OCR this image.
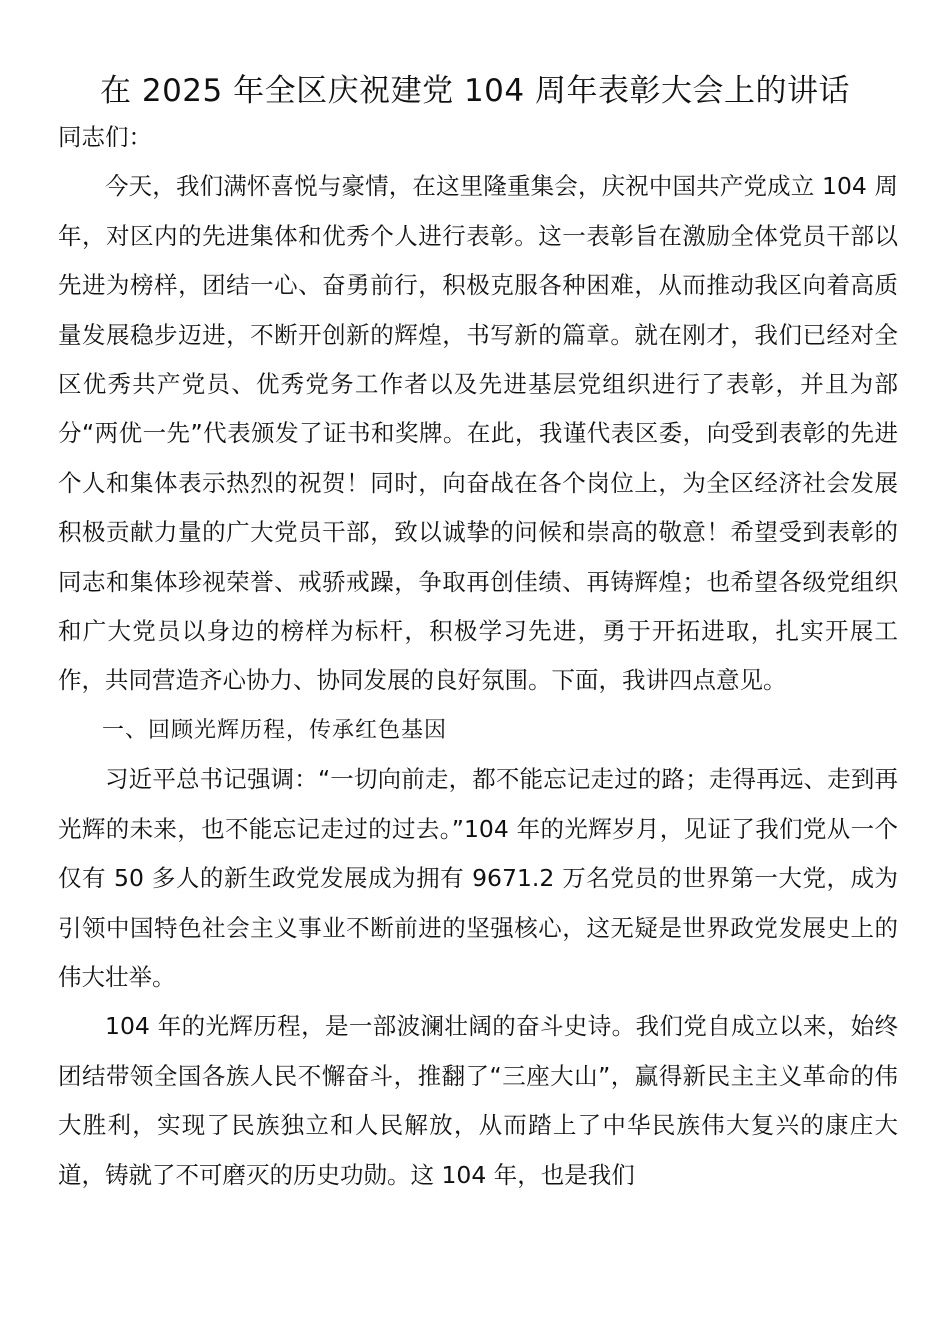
在 2025 年全区庆祝建党 104 周年表彰大会上的讲话

同志们：

今天，我们满怀喜悦与豪情，在这里隆重集会，庆祝中国共产党成立 104 周年，对区内的先进集体和优秀个人进行表彰。这一表彰旨在激励全体党员干部以先进为榜样，团结一心、奋勇前行，积极克服各种困难，从而推动我区向着高质量发展稳步迈进，不断开创新的辉煌，书写新的篇章。就在刚才，我们已经对全区优秀共产党员、优秀党务工作者以及先进基层党组织进行了表彰，并且为部分“两优一先”代表颁发了证书和奖牌。在此，我谨代表区委，向受到表彰的先进个人和集体表示热烈的祝贺！同时，向奋战在各个岗位上，为全区经济社会发展积极贡献力量的广大党员干部，致以诚挚的问候和崇高的敬意！希望受到表彰的同志和集体珍视荣誉、戒骄戒躁，争取再创佳绩、再铸辉煌；也希望各级党组织和广大党员以身边的榜样为标杆，积极学习先进，勇于开拓进取，扎实开展工作，共同营造齐心协力、协同发展的良好氛围。下面，我讲四点意见。

一、回顾光辉历程，传承红色基因

习近平总书记强调：“一切向前走，都不能忘记走过的路；走得再远、走到再光辉的未来，也不能忘记走过的过去。”104 年的光辉岁月，见证了我们党从一个仅有 50 多人的新生政党发展成为拥有 9671.2 万名党员的世界第一大党，成为引领中国特色社会主义事业不断前进的坚强核心，这无疑是世界政党发展史上的伟大壮举。

104 年的光辉历程，是一部波澜壮阔的奋斗史诗。我们党自成立以来，始终团结带领全国各族人民不懈奋斗，推翻了“三座大山”，赢得新民主主义革命的伟大胜利，实现了民族独立和人民解放，从而踏上了中华民族伟大复兴的康庄大道，铸就了不可磨灭的历史功勋。这 104 年，也是我们
